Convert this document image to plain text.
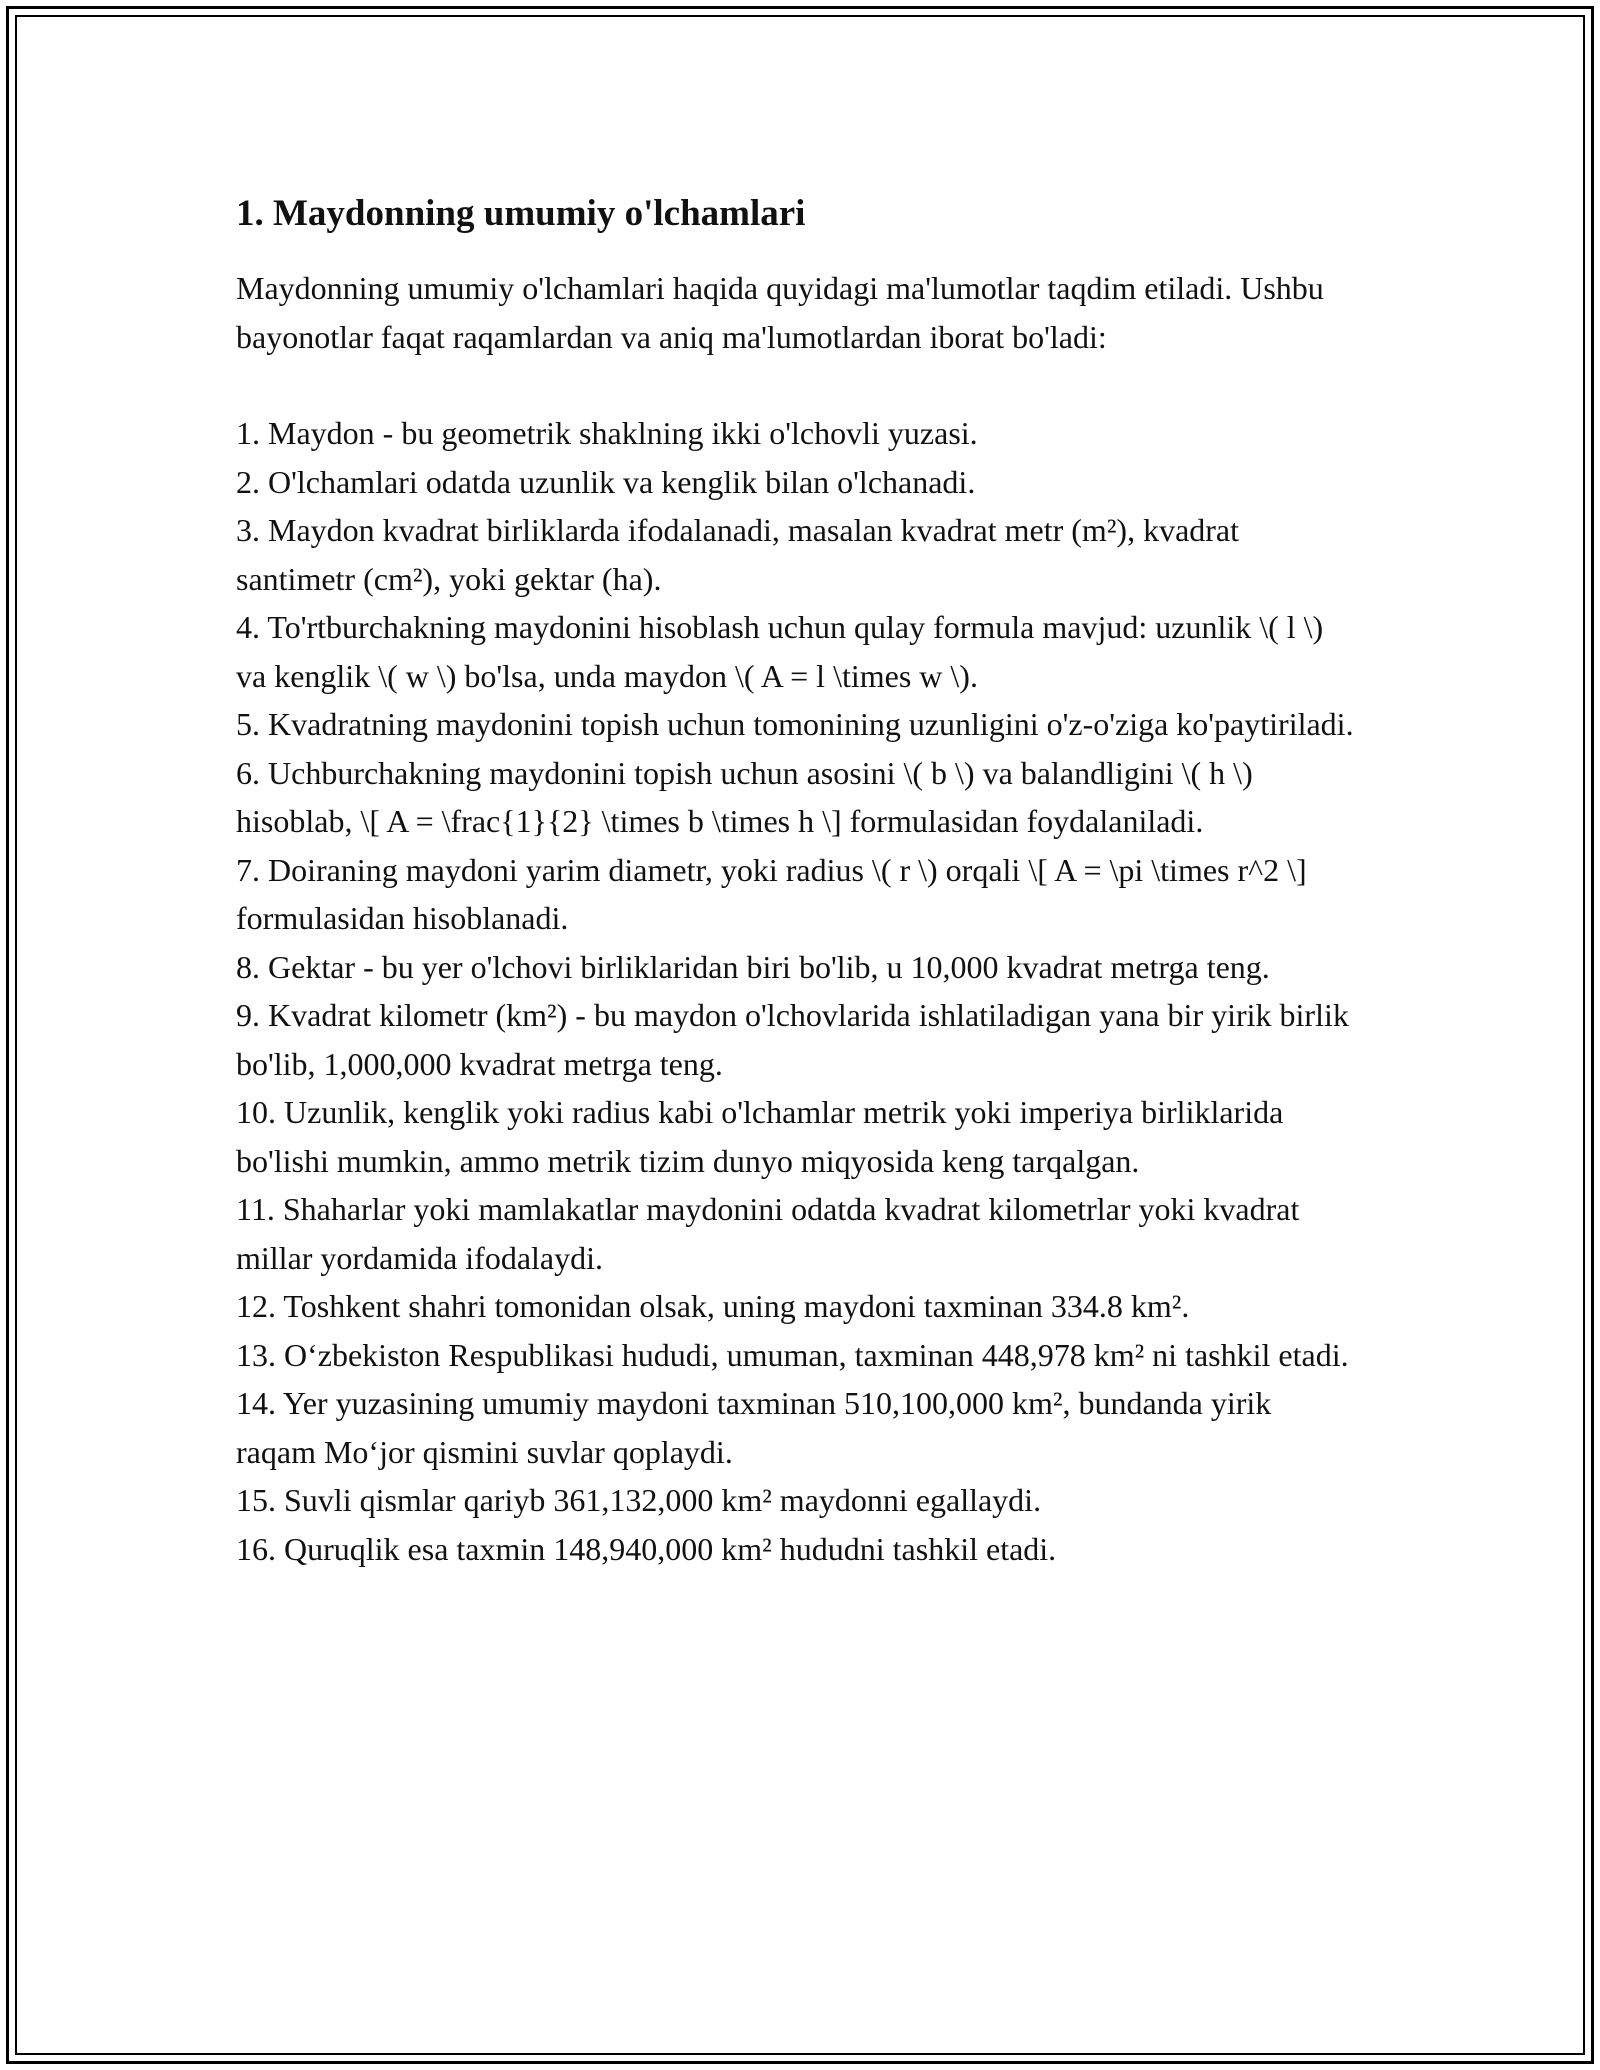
1. Maydonning umumiy o'lchamlari

Maydonning umumiy o'lchamlari haqida quyidagi ma'lumotlar taqdim etiladi. Ushbu bayonotlar faqat raqamlardan va aniq ma'lumotlardan iborat bo'ladi:

1. Maydon - bu geometrik shaklning ikki o'lchovli yuzasi.
2. O'lchamlari odatda uzunlik va kenglik bilan o'lchanadi.
3. Maydon kvadrat birliklarda ifodalanadi, masalan kvadrat metr (m²), kvadrat santimetr (cm²), yoki gektar (ha).
4. To'rtburchakning maydonini hisoblash uchun qulay formula mavjud: uzunlik \( l \) va kenglik \( w \) bo'lsa, unda maydon \( A = l \times w \).
5. Kvadratning maydonini topish uchun tomonining uzunligini o'z-o'ziga ko'paytiriladi.
6. Uchburchakning maydonini topish uchun asosini \( b \) va balandligini \( h \) hisoblab, \[ A = \frac{1}{2} \times b \times h \] formulasidan foydalaniladi.
7. Doiraning maydoni yarim diametr, yoki radius \( r \) orqali \[ A = \pi \times r^2 \] formulasidan hisoblanadi.
8. Gektar - bu yer o'lchovi birliklaridan biri bo'lib, u 10,000 kvadrat metrga teng.
9. Kvadrat kilometr (km²) - bu maydon o'lchovlarida ishlatiladigan yana bir yirik birlik bo'lib, 1,000,000 kvadrat metrga teng.
10. Uzunlik, kenglik yoki radius kabi o'lchamlar metrik yoki imperiya birliklarida bo'lishi mumkin, ammo metrik tizim dunyo miqyosida keng tarqalgan.
11. Shaharlar yoki mamlakatlar maydonini odatda kvadrat kilometrlar yoki kvadrat millar yordamida ifodalaydi.
12. Toshkent shahri tomonidan olsak, uning maydoni taxminan 334.8 km².
13. O‘zbekiston Respublikasi hududi, umuman, taxminan 448,978 km² ni tashkil etadi.
14. Yer yuzasining umumiy maydoni taxminan 510,100,000 km², bundanda yirik raqam Mo‘jor qismini suvlar qoplaydi.
15. Suvli qismlar qariyb 361,132,000 km² maydonni egallaydi.
16. Quruqlik esa taxmin 148,940,000 km² hududni tashkil etadi.
